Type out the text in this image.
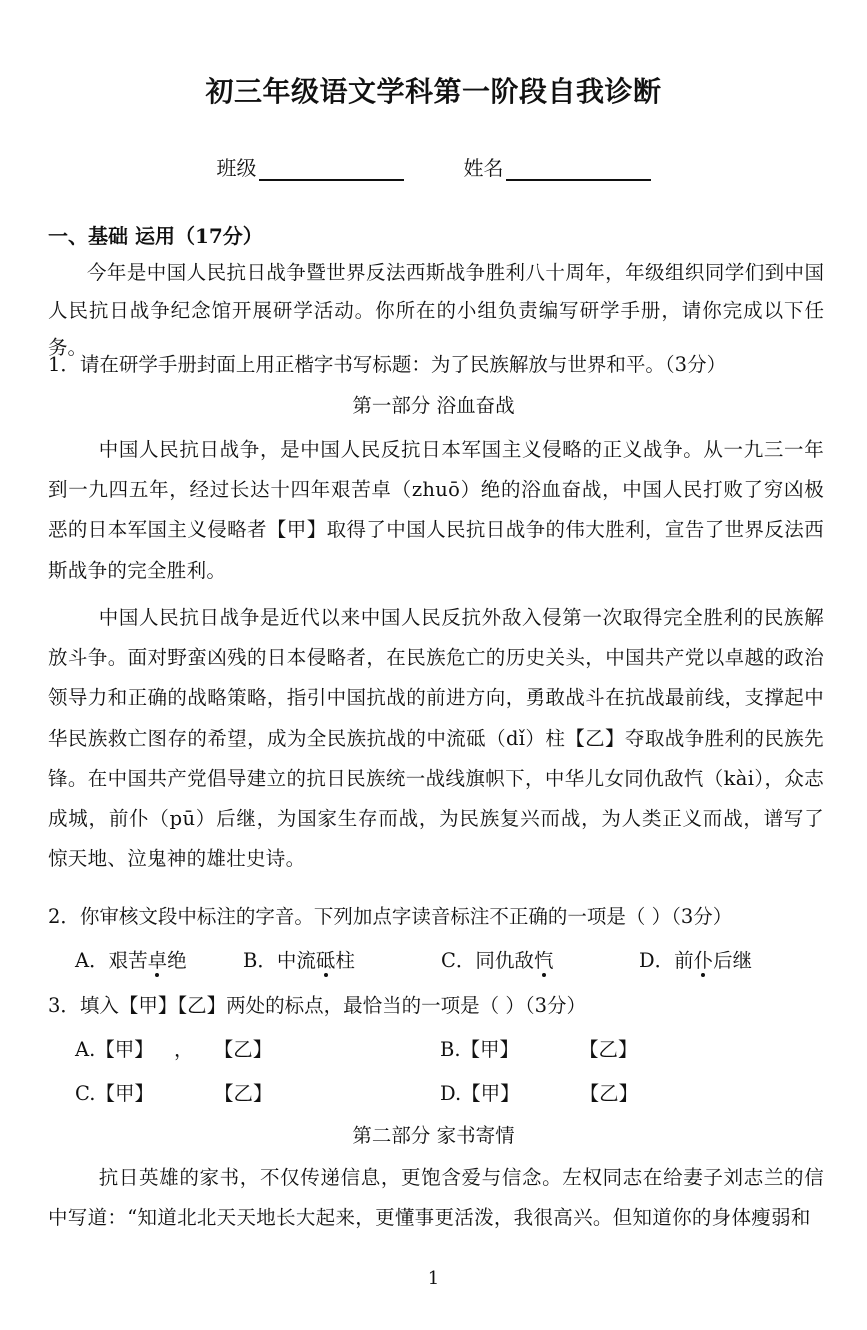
初三年级语文学科第一阶段自我诊断
班级	姓名
一、基础 运用（17分）
今年是中国人民抗日战争暨世界反法西斯战争胜利八十周年，年级组织同学们到中国人民抗日战争纪念馆开展研学活动。你所在的小组负责编写研学手册，请你完成以下任务。
1．请在研学手册封面上用正楷字书写标题：为了民族解放与世界和平。（3分）
第一部分 浴血奋战
中国人民抗日战争，是中国人民反抗日本军国主义侵略的正义战争。从一九三一年到一九四五年，经过长达十四年艰苦卓（zhuō）绝的浴血奋战，中国人民打败了穷凶极恶的日本军国主义侵略者【甲】取得了中国人民抗日战争的伟大胜利，宣告了世界反法西斯战争的完全胜利。
中国人民抗日战争是近代以来中国人民反抗外敌入侵第一次取得完全胜利的民族解放斗争。面对野蛮凶残的日本侵略者，在民族危亡的历史关头，中国共产党以卓越的政治领导力和正确的战略策略，指引中国抗战的前进方向，勇敢战斗在抗战最前线，支撑起中华民族救亡图存的希望，成为全民族抗战的中流砥（dǐ）柱【乙】夺取战争胜利的民族先锋。在中国共产党倡导建立的抗日民族统一战线旗帜下，中华儿女同仇敌忾（kài），众志成城，前仆（pū）后继，为国家生存而战，为民族复兴而战，为人类正义而战，谱写了惊天地、泣鬼神的雄壮史诗。
2．你审核文段中标注的字音。下列加点字读音标注不正确的一项是（ ）（3分）
A．艰苦卓绝	B．中流砥柱	C．同仇敌忾	D．前仆后继
3．填入【甲】【乙】两处的标点，最恰当的一项是（ ）（3分）
A.【甲】 ， 【乙】	B.【甲】	【乙】
C.【甲】	【乙】	D.【甲】	【乙】
第二部分 家书寄情
抗日英雄的家书，不仅传递信息，更饱含爱与信念。左权同志在给妻子刘志兰的信中写道：“知道北北天天地长大起来，更懂事更活泼，我很高兴。但知道你的身体瘦弱和
1
